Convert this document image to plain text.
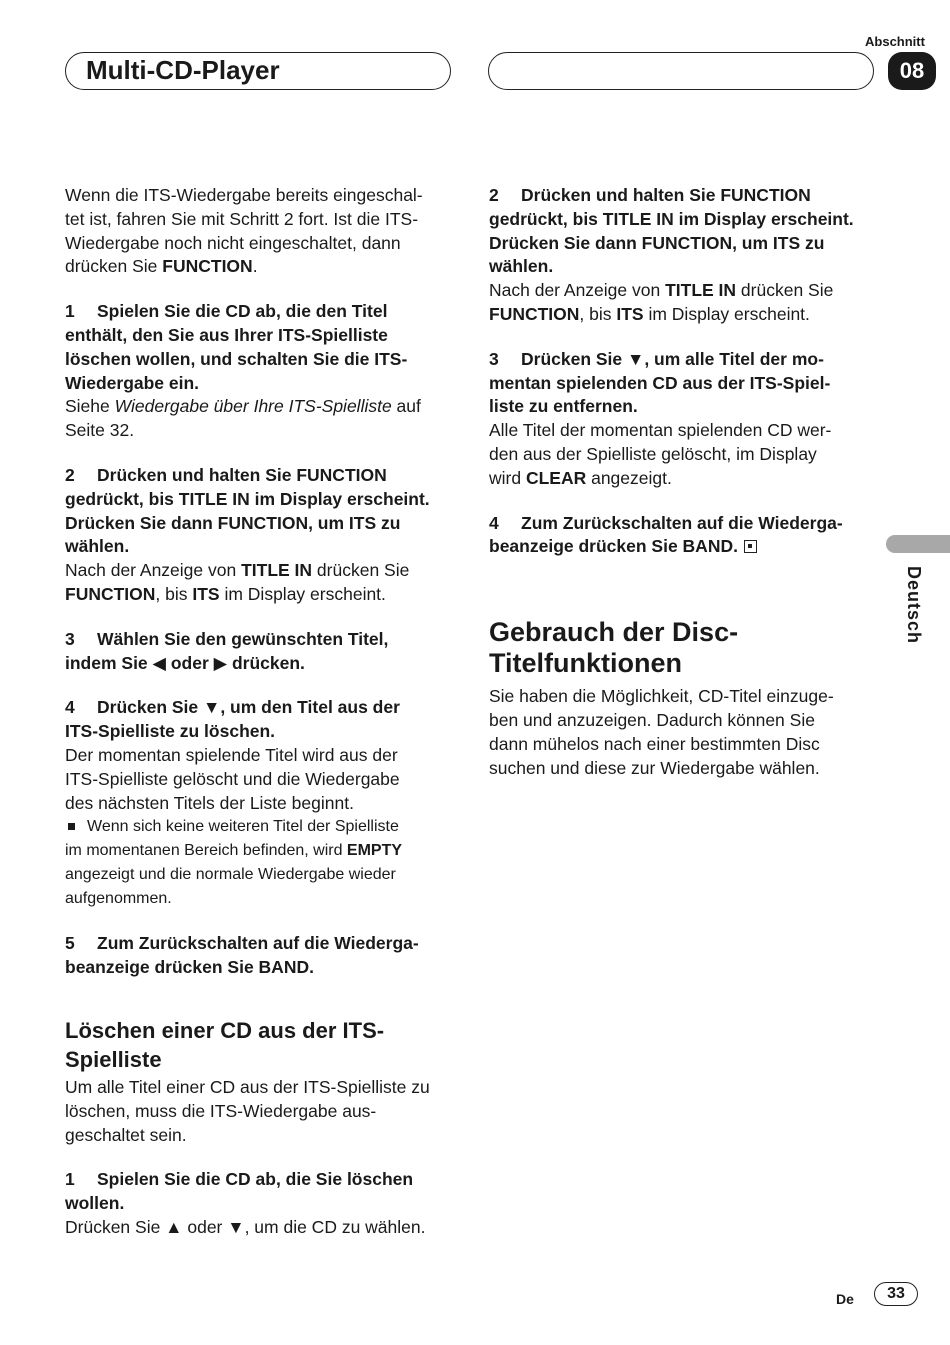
Multi-CD-Player
Abschnitt
08

Wenn die ITS-Wiedergabe bereits eingeschal-
tet ist, fahren Sie mit Schritt 2 fort. Ist die ITS-
Wiedergabe noch nicht eingeschaltet, dann
drücken Sie FUNCTION.

1 Spielen Sie die CD ab, die den Titel
enthält, den Sie aus Ihrer ITS-Spielliste
löschen wollen, und schalten Sie die ITS-
Wiedergabe ein.

Siehe Wiedergabe über Ihre ITS-Spielliste auf
Seite 32.

2 Drücken und halten Sie FUNCTION
gedrückt, bis TITLE IN im Display erscheint.
Drücken Sie dann FUNCTION, um ITS zu
wählen.

Nach der Anzeige von TITLE IN drücken Sie
FUNCTION, bis ITS im Display erscheint.

3 Wählen Sie den gewünschten Titel,
indem Sie ◀ oder ▶ drücken.

4 Drücken Sie ▼, um den Titel aus der
ITS-Spielliste zu löschen.

Der momentan spielende Titel wird aus der
ITS-Spielliste gelöscht und die Wiedergabe
des nächsten Titels der Liste beginnt.

Wenn sich keine weiteren Titel der Spielliste
im momentanen Bereich befinden, wird EMPTY
angezeigt und die normale Wiedergabe wieder
aufgenommen.

5 Zum Zurückschalten auf die Wiederga-
beanzeige drücken Sie BAND.

Löschen einer CD aus der ITS-
Spielliste

Um alle Titel einer CD aus der ITS-Spielliste zu
löschen, muss die ITS-Wiedergabe aus-
geschaltet sein.

1 Spielen Sie die CD ab, die Sie löschen
wollen.

Drücken Sie ▲ oder ▼, um die CD zu wählen.

2 Drücken und halten Sie FUNCTION
gedrückt, bis TITLE IN im Display erscheint.
Drücken Sie dann FUNCTION, um ITS zu
wählen.

Nach der Anzeige von TITLE IN drücken Sie
FUNCTION, bis ITS im Display erscheint.

3 Drücken Sie ▼, um alle Titel der mo-
mentan spielenden CD aus der ITS-Spiel-
liste zu entfernen.

Alle Titel der momentan spielenden CD wer-
den aus der Spielliste gelöscht, im Display
wird CLEAR angezeigt.

4 Zum Zurückschalten auf die Wiederga-
beanzeige drücken Sie BAND.

Gebrauch der Disc-
Titelfunktionen

Sie haben die Möglichkeit, CD-Titel einzuge-
ben und anzuzeigen. Dadurch können Sie
dann mühelos nach einer bestimmten Disc
suchen und diese zur Wiedergabe wählen.

Deutsch
De	33
